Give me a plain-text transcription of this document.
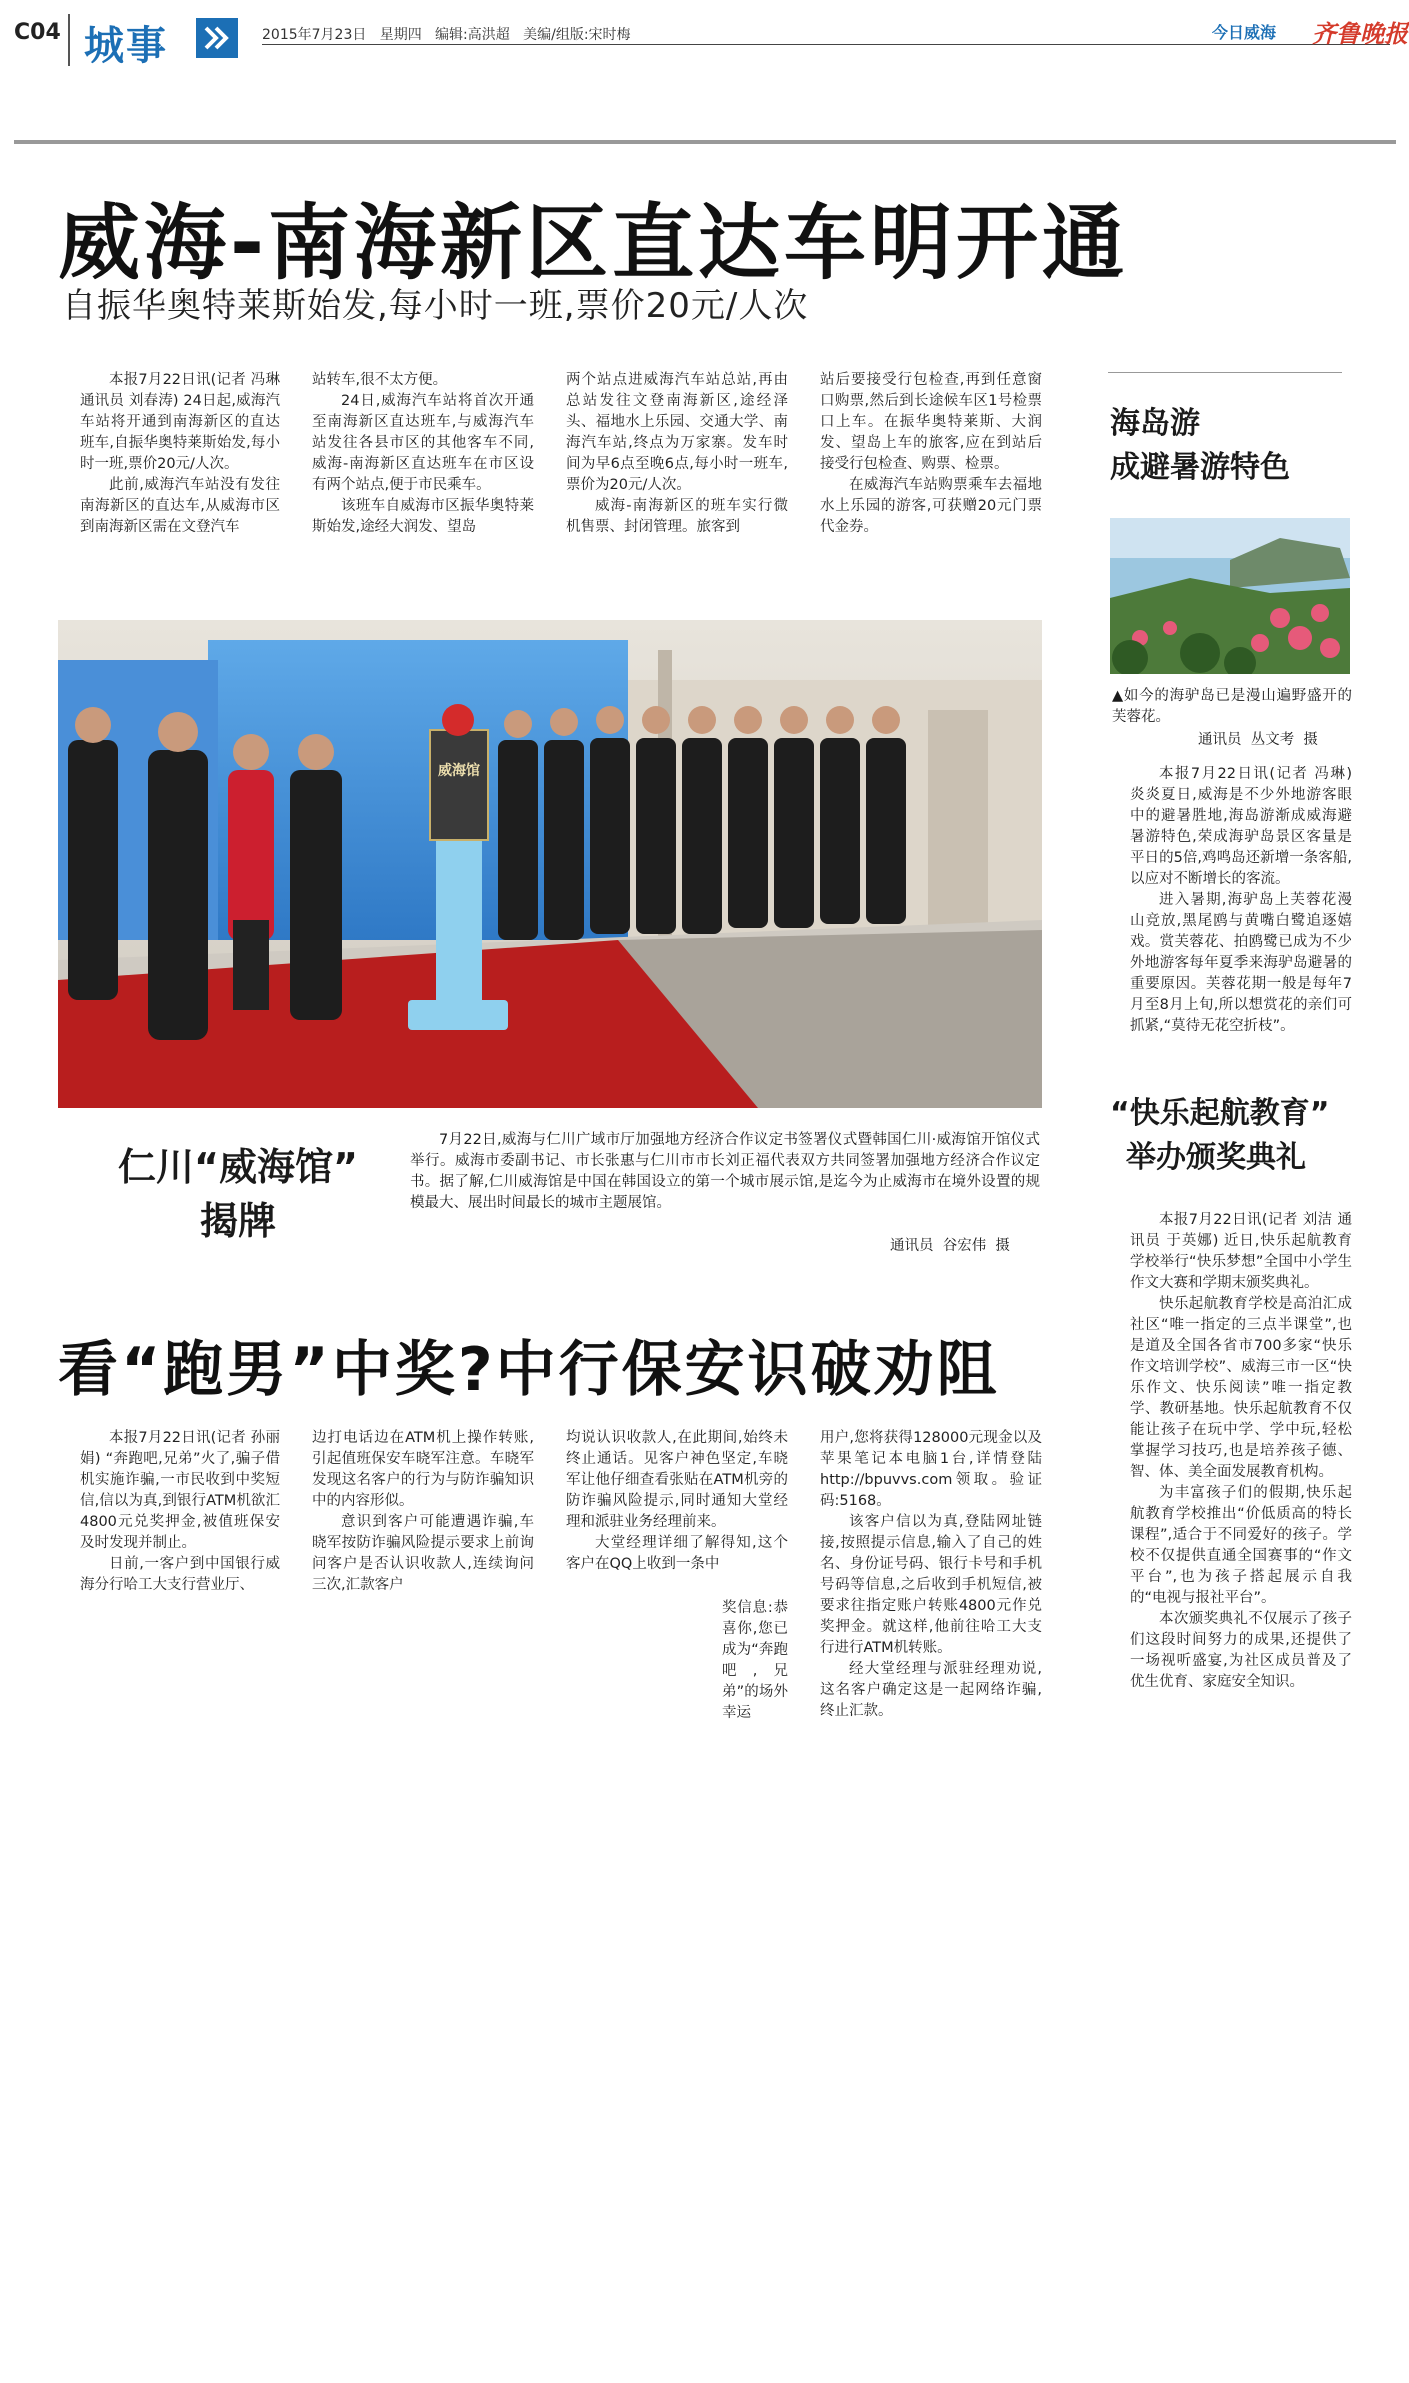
C04 城事	2015年7月23日   星期四   编辑:高洪超   美编/组版:宋时梅	今日威海 齐鲁晚报
威海-南海新区直达车明开通
自振华奥特莱斯始发,每小时一班,票价20元/人次

本报7月22日讯(记者 冯琳 通讯员 刘春涛) 24日起,威海汽车站将开通到南海新区的直达班车,自振华奥特莱斯始发,每小时一班,票价20元/人次。

此前,威海汽车站没有发往南海新区的直达车,从威海市区到南海新区需在文登汽车

站转车,很不太方便。

24日,威海汽车站将首次开通至南海新区直达班车,与威海汽车站发往各县市区的其他客车不同,威海-南海新区直达班车在市区设有两个站点,便于市民乘车。

该班车自威海市区振华奥特莱斯始发,途经大润发、望岛

两个站点进威海汽车站总站,再由总站发往文登南海新区,途经泽头、福地水上乐园、交通大学、南海汽车站,终点为万家寨。发车时间为早6点至晚6点,每小时一班车,票价为20元/人次。

威海-南海新区的班车实行微机售票、封闭管理。旅客到

站后要接受行包检查,再到任意窗口购票,然后到长途候车区1号检票口上车。在振华奥特莱斯、大润发、望岛上车的旅客,应在到站后接受行包检查、购票、检票。

在威海汽车站购票乘车去福地水上乐园的游客,可获赠20元门票代金券。

威海馆
仁川“威海馆”
揭牌

7月22日,威海与仁川广域市厅加强地方经济合作议定书签署仪式暨韩国仁川·威海馆开馆仪式举行。威海市委副书记、市长张惠与仁川市市长刘正福代表双方共同签署加强地方经济合作议定书。据了解,仁川威海馆是中国在韩国设立的第一个城市展示馆,是迄今为止威海市在境外设置的规模最大、展出时间最长的城市主题展馆。

通讯员  谷宏伟  摄
看“跑男”中奖?中行保安识破劝阻

本报7月22日讯(记者 孙丽娟) “奔跑吧,兄弟”火了,骗子借机实施诈骗,一市民收到中奖短信,信以为真,到银行ATM机欲汇4800元兑奖押金,被值班保安及时发现并制止。

日前,一客户到中国银行威海分行哈工大支行营业厅、

边打电话边在ATM机上操作转账,引起值班保安车晓军注意。车晓军发现这名客户的行为与防诈骗知识中的内容形似。

意识到客户可能遭遇诈骗,车晓军按防诈骗风险提示要求上前询问客户是否认识收款人,连续询问三次,汇款客户

均说认识收款人,在此期间,始终未终止通话。见客户神色坚定,车晓军让他仔细查看张贴在ATM机旁的防诈骗风险提示,同时通知大堂经理和派驻业务经理前来。

大堂经理详细了解得知,这个客户在QQ上收到一条中

奖信息:恭喜你,您已成为“奔跑吧,兄弟”的场外幸运

用户,您将获得128000元现金以及苹果笔记本电脑1台,详情登陆http://bpuvvs.com领取。验证码:5168。

该客户信以为真,登陆网址链接,按照提示信息,输入了自己的姓名、身份证号码、银行卡号和手机号码等信息,之后收到手机短信,被要求往指定账户转账4800元作兑奖押金。就这样,他前往哈工大支行进行ATM机转账。

经大堂经理与派驻经理劝说,这名客户确定这是一起网络诈骗,终止汇款。

海岛游
成避暑游特色
▲如今的海驴岛已是漫山遍野盛开的芙蓉花。
通讯员  丛文考  摄

本报7月22日讯(记者 冯琳) 炎炎夏日,威海是不少外地游客眼中的避暑胜地,海岛游渐成威海避暑游特色,荣成海驴岛景区客量是平日的5倍,鸡鸣岛还新增一条客船,以应对不断增长的客流。

进入暑期,海驴岛上芙蓉花漫山竞放,黑尾鸥与黄嘴白鹭追逐嬉戏。赏芙蓉花、拍鸥鹭已成为不少外地游客每年夏季来海驴岛避暑的重要原因。芙蓉花期一般是每年7月至8月上旬,所以想赏花的亲们可抓紧,“莫待无花空折枝”。

“快乐起航教育”
举办颁奖典礼

本报7月22日讯(记者 刘洁 通讯员 于英娜) 近日,快乐起航教育学校举行“快乐梦想”全国中小学生作文大赛和学期末颁奖典礼。

快乐起航教育学校是高泊汇成社区“唯一指定的三点半课堂”,也是道及全国各省市700多家“快乐作文培训学校”、威海三市一区“快乐作文、快乐阅读”唯一指定教学、教研基地。快乐起航教育不仅能让孩子在玩中学、学中玩,轻松掌握学习技巧,也是培养孩子德、智、体、美全面发展教育机构。

为丰富孩子们的假期,快乐起航教育学校推出“价低质高的特长课程”,适合于不同爱好的孩子。学校不仅提供直通全国赛事的“作文平台”,也为孩子搭起展示自我的“电视与报社平台”。

本次颁奖典礼不仅展示了孩子们这段时间努力的成果,还提供了一场视听盛宴,为社区成员普及了优生优育、家庭安全知识。
